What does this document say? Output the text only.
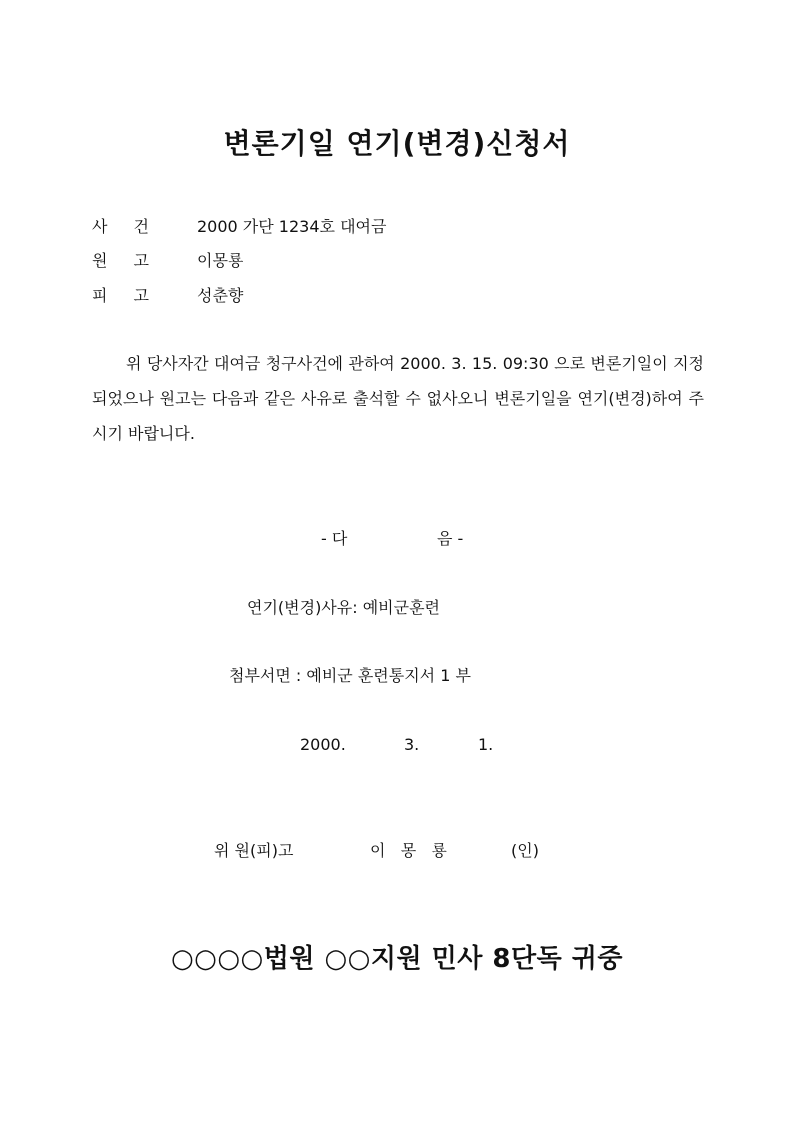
변론기일 연기(변경)신청서
사 건	2000 가단 1234호 대여금
원 고	이몽룡
피 고	성춘향
위 당사자간 대여금 청구사건에 관하여 2000. 3. 15. 09:30 으로 변론기일이 지정되었으나 원고는 다음과 같은 사유로 출석할 수 없사오니 변론기일을 연기(변경)하여 주시기 바랍니다.
- 다	음 -
연기(변경)사유: 예비군훈련
첨부서면 : 예비군 훈련통지서 1 부
2000.	3.	1.
위 원(피)고	이   몽   룡	(인)
○○○○법원 ○○지원 민사 8단독 귀중
